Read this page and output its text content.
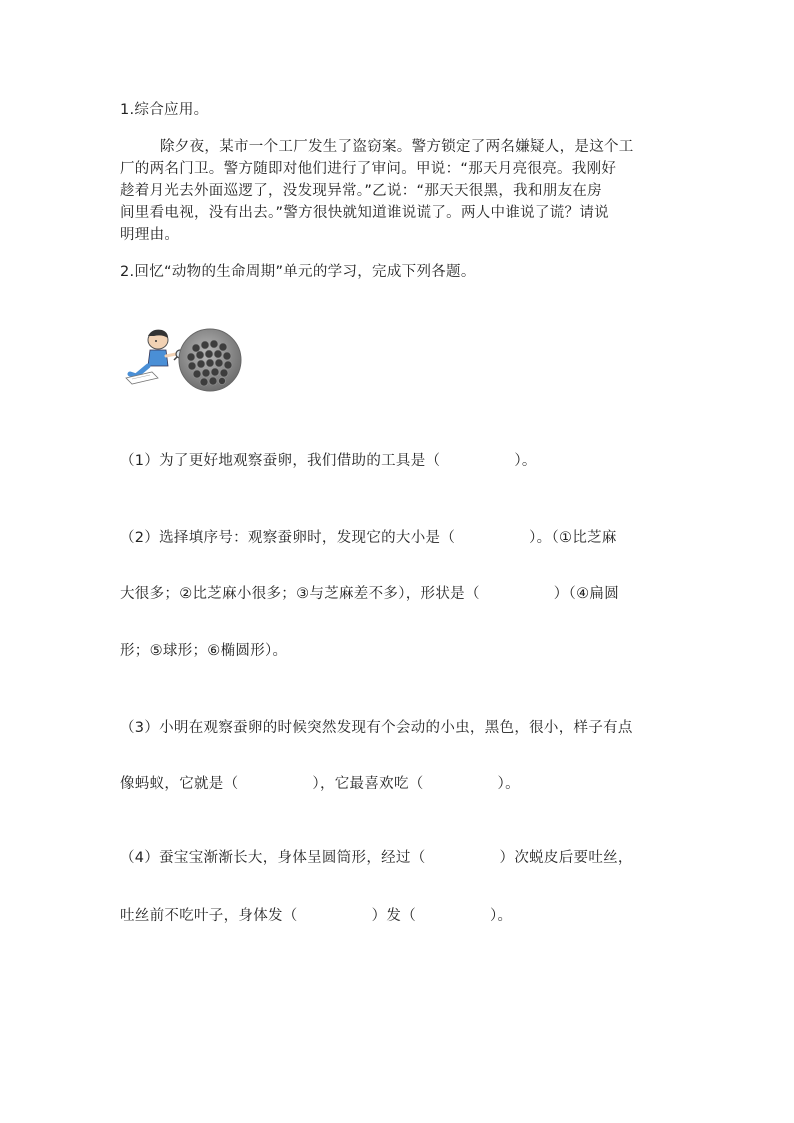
1.综合应用。
除夕夜，某市一个工厂发生了盗窃案。警方锁定了两名嫌疑人，是这个工
厂的两名门卫。警方随即对他们进行了审问。甲说：“那天月亮很亮。我刚好
趁着月光去外面巡逻了，没发现异常。”乙说：“那天天很黑，我和朋友在房
间里看电视，没有出去。”警方很快就知道谁说谎了。两人中谁说了谎？请说
明理由。
2.回忆“动物的生命周期”单元的学习，完成下列各题。
（1）为了更好地观察蚕卵，我们借助的工具是（　　　　　）。
（2）选择填序号：观察蚕卵时，发现它的大小是（　　　　　）。（①比芝麻
大很多；②比芝麻小很多；③与芝麻差不多），形状是（　　　　　）（④扁圆
形；⑤球形；⑥椭圆形）。
（3）小明在观察蚕卵的时候突然发现有个会动的小虫，黑色，很小，样子有点
像蚂蚁，它就是（　　　　　），它最喜欢吃（　　　　　）。
（4）蚕宝宝渐渐长大，身体呈圆筒形，经过（　　　　　）次蜕皮后要吐丝，
吐丝前不吃叶子，身体发（　　　　　）发（　　　　　）。
